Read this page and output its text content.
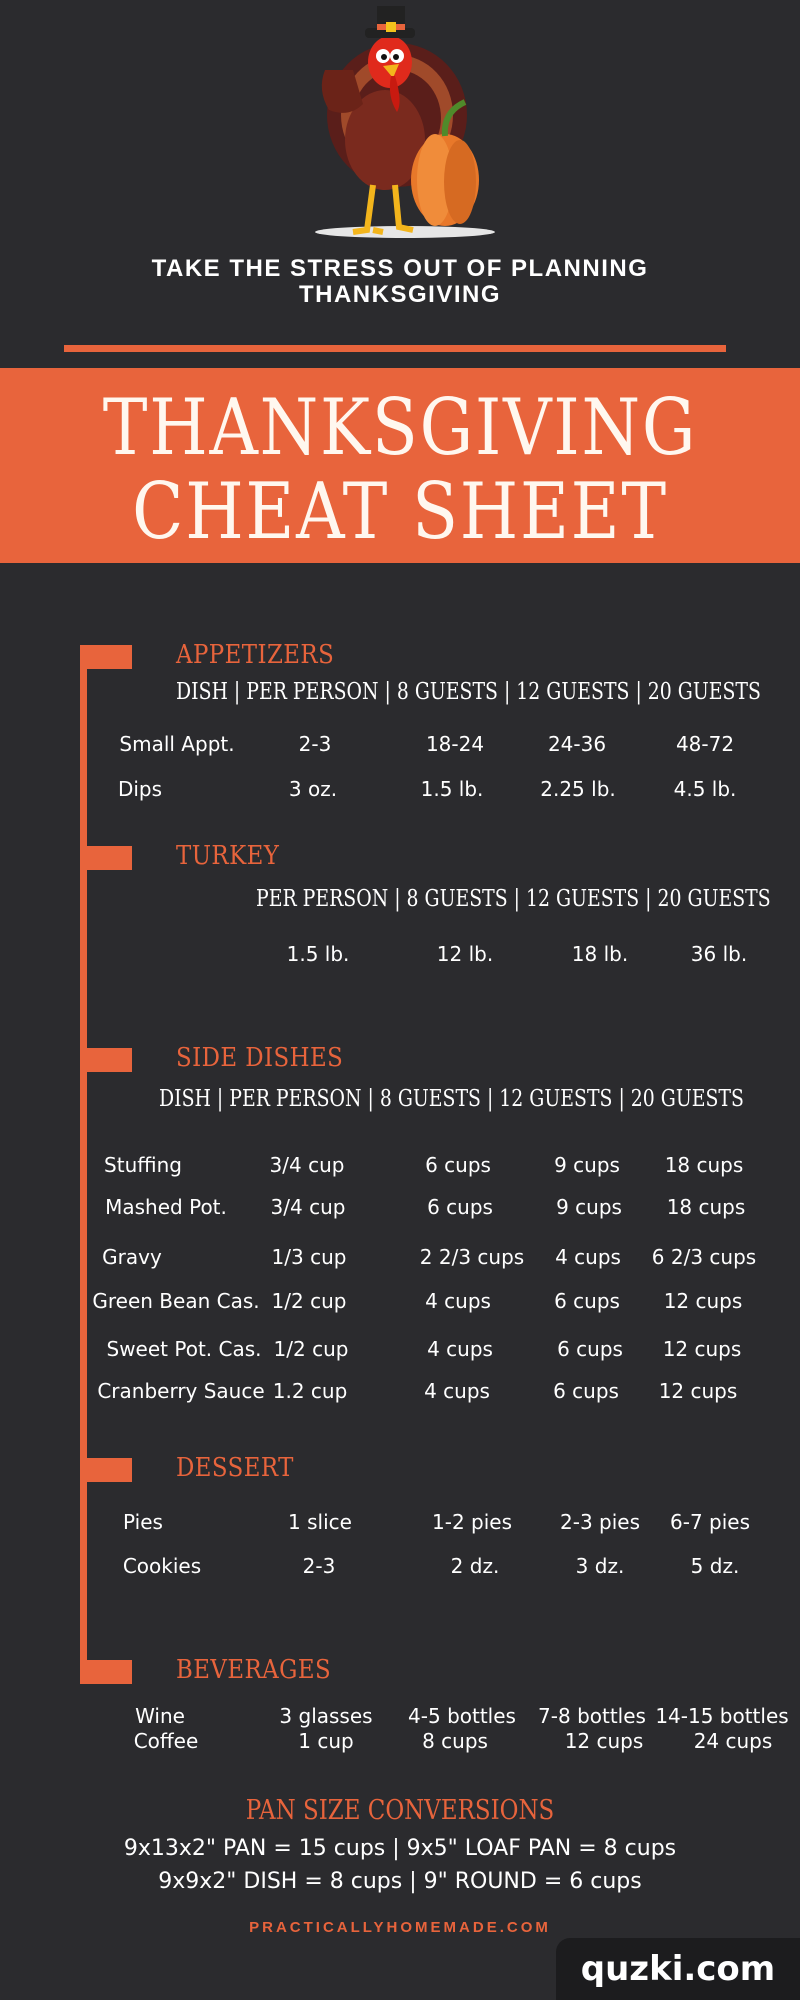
TAKE THE STRESS OUT OF PLANNING
THANKSGIVING
THANKSGIVING
CHEAT SHEET
APPETIZERS
DISH | PER PERSON | 8 GUESTS | 12 GUESTS | 20 GUESTS
Small Appt.	2-3	18-24	24-36	48-72
Dips	3 oz.	1.5 lb.	2.25 lb.	4.5 lb.
TURKEY
PER PERSON | 8 GUESTS | 12 GUESTS | 20 GUESTS
1.5 lb.	12 lb.	18 lb.	36 lb.
SIDE DISHES
DISH | PER PERSON | 8 GUESTS | 12 GUESTS | 20 GUESTS
Stuffing	3/4 cup	6 cups	9 cups 18 cups
Mashed Pot. 3/4 cup	6 cups	9 cups 18 cups
Gravy	1/3 cup	2 2/3 cups 4 cups 6 2/3 cups
Green Bean Cas. 1/2 cup	4 cups	6 cups 12 cups
Sweet Pot. Cas. 1/2 cup	4 cups	6 cups 12 cups
Cranberry Sauce 1.2 cup	4 cups	6 cups 12 cups
DESSERT
Pies	1 slice	1-2 pies 2-3 pies 6-7 pies
Cookies	2-3	2 dz.	3 dz.	5 dz.
BEVERAGES
Wine	3 glasses 4-5 bottles 7-8 bottles 14-15 bottles
Coffee	1 cup	8 cups	12 cups	24 cups
PAN SIZE CONVERSIONS
9x13x2" PAN = 15 cups | 9x5" LOAF PAN = 8 cups
9x9x2" DISH = 8 cups | 9" ROUND = 6 cups
PRACTICALLYHOMEMADE.COM
quzki.com
